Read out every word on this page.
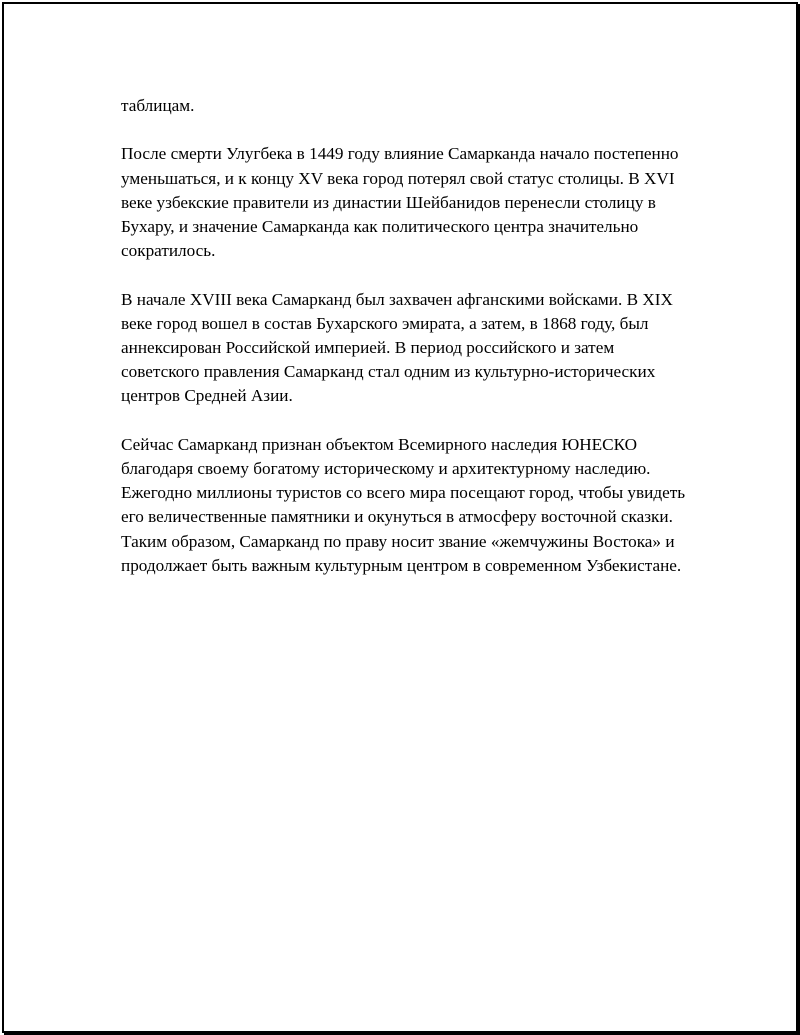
таблицам.

После смерти Улугбека в 1449 году влияние Самарканда начало постепенно уменьшаться, и к концу XV века город потерял свой статус столицы. В XVI веке узбекские правители из династии Шейбанидов перенесли столицу в Бухару, и значение Самарканда как политического центра значительно сократилось.

В начале XVIII века Самарканд был захвачен афганскими войсками. В XIX веке город вошел в состав Бухарского эмирата, а затем, в 1868 году, был аннексирован Российской империей. В период российского и затем советского правления Самарканд стал одним из культурно-исторических центров Средней Азии.

Сейчас Самарканд признан объектом Всемирного наследия ЮНЕСКО благодаря своему богатому историческому и архитектурному наследию. Ежегодно миллионы туристов со всего мира посещают город, чтобы увидеть его величественные памятники и окунуться в атмосферу восточной сказки. Таким образом, Самарканд по праву носит звание «жемчужины Востока» и продолжает быть важным культурным центром в современном Узбекистане.
